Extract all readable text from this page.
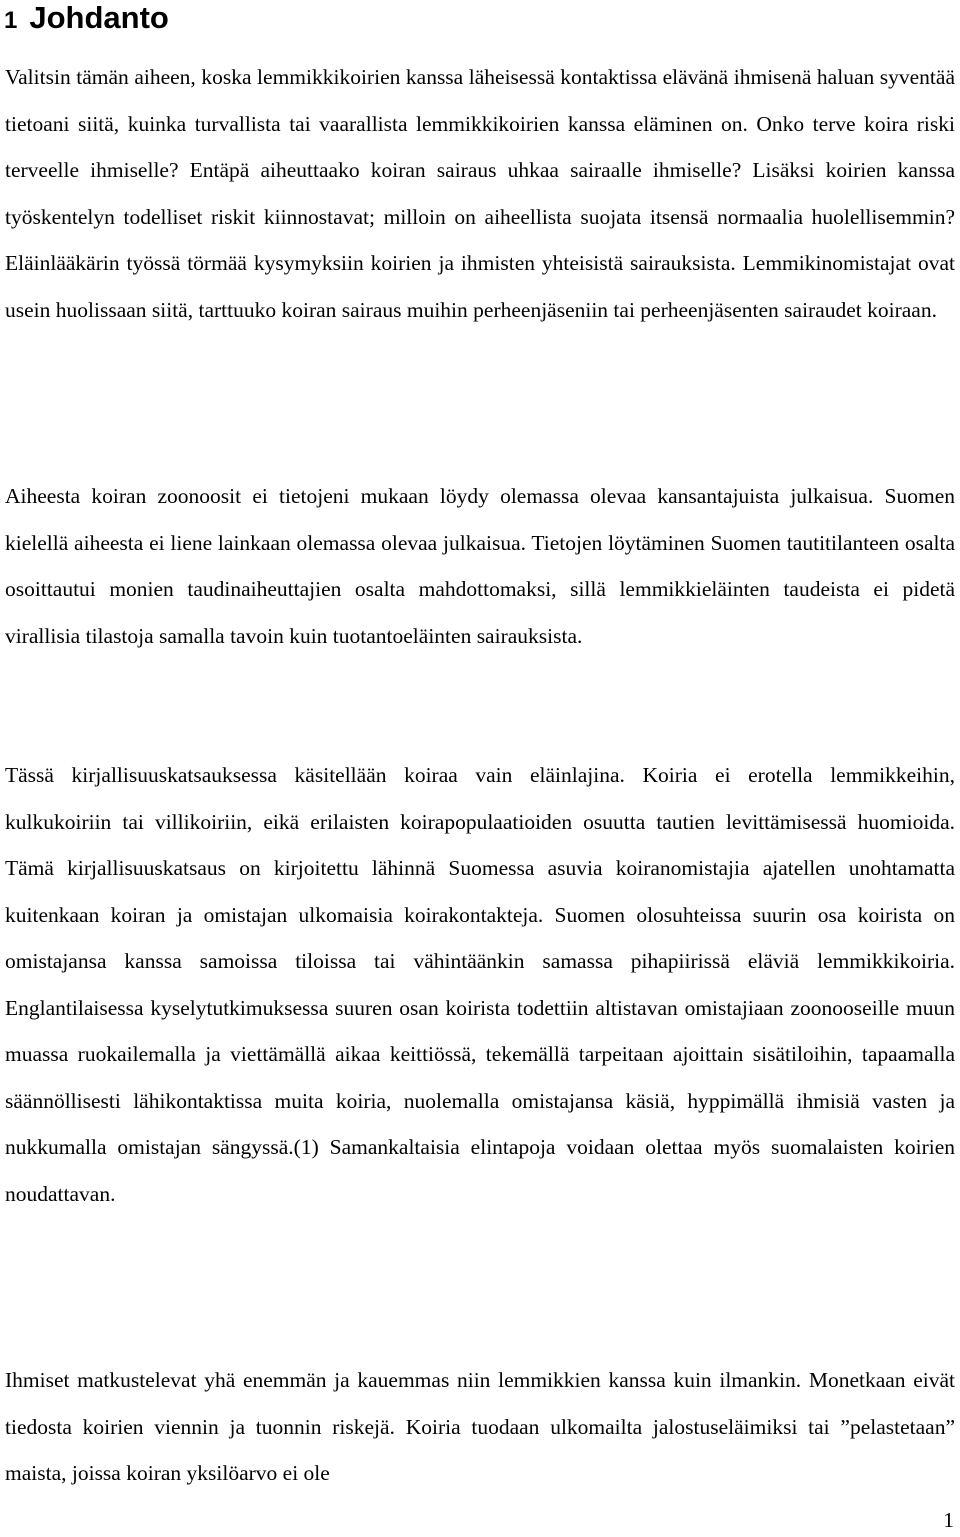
1 Johdanto

Valitsin tämän aiheen, koska lemmikkikoirien kanssa läheisessä kontaktissa elävänä ihmisenä haluan syventää tietoani siitä, kuinka turvallista tai vaarallista lemmikkikoirien kanssa eläminen on. Onko terve koira riski terveelle ihmiselle? Entäpä aiheuttaako koiran sairaus uhkaa sairaalle ihmiselle? Lisäksi koirien kanssa työskentelyn todelliset riskit kiinnostavat; milloin on aiheellista suojata itsensä normaalia huolellisemmin? Eläinlääkärin työssä törmää kysymyksiin koirien ja ihmisten yhteisistä sairauksista. Lemmikinomistajat ovat usein huolissaan siitä, tarttuuko koiran sairaus muihin perheenjäseniin tai perheenjäsenten sairaudet koiraan.

Aiheesta koiran zoonoosit ei tietojeni mukaan löydy olemassa olevaa kansantajuista julkaisua. Suomen kielellä aiheesta ei liene lainkaan olemassa olevaa julkaisua. Tietojen löytäminen Suomen tautitilanteen osalta osoittautui monien taudinaiheuttajien osalta mahdottomaksi, sillä lemmikkieläinten taudeista ei pidetä virallisia tilastoja samalla tavoin kuin tuotantoeläinten sairauksista.

Tässä kirjallisuuskatsauksessa käsitellään koiraa vain eläinlajina. Koiria ei erotella lemmikkeihin, kulkukoiriin tai villikoiriin, eikä erilaisten koirapopulaatioiden osuutta tautien levittämisessä huomioida. Tämä kirjallisuuskatsaus on kirjoitettu lähinnä Suomessa asuvia koiranomistajia ajatellen unohtamatta kuitenkaan koiran ja omistajan ulkomaisia koirakontakteja. Suomen olosuhteissa suurin osa koirista on omistajansa kanssa samoissa tiloissa tai vähintäänkin samassa pihapiirissä eläviä lemmikkikoiria. Englantilaisessa kyselytutkimuksessa suuren osan koirista todettiin altistavan omistajiaan zoonooseille muun muassa ruokailemalla ja viettämällä aikaa keittiössä, tekemällä tarpeitaan ajoittain sisätiloihin, tapaamalla säännöllisesti lähikontaktissa muita koiria, nuolemalla omistajansa käsiä, hyppimällä ihmisiä vasten ja nukkumalla omistajan sängyssä.(1) Samankaltaisia elintapoja voidaan olettaa myös suomalaisten koirien noudattavan.

Ihmiset matkustelevat yhä enemmän ja kauemmas niin lemmikkien kanssa kuin ilmankin. Monetkaan eivät tiedosta koirien viennin ja tuonnin riskejä. Koiria tuodaan ulkomailta jalostuseläimiksi tai ”pelastetaan” maista, joissa koiran yksilöarvo ei ole

1
